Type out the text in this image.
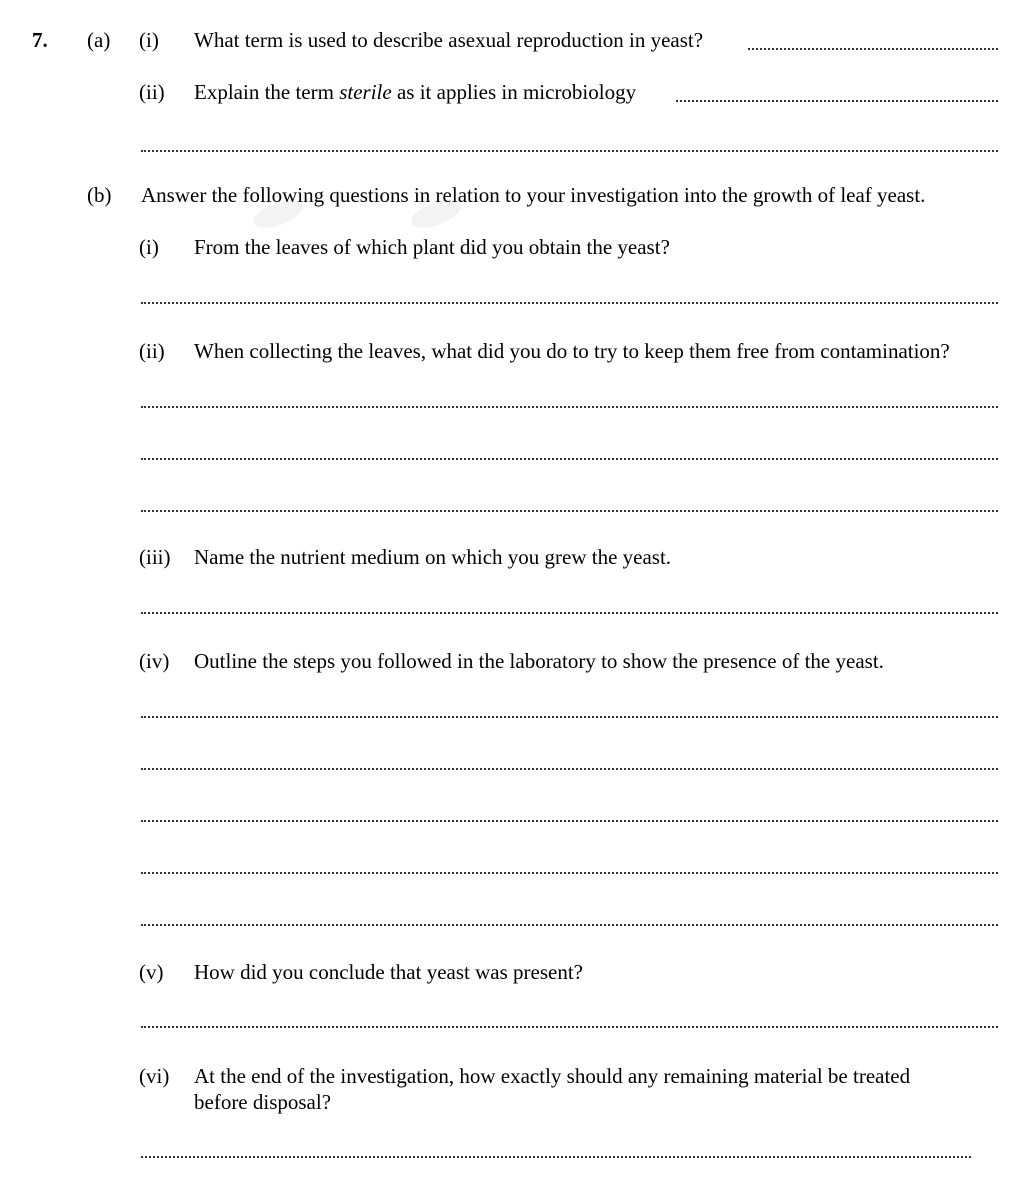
7. (a) (i) What term is used to describe asexual reproduction in yeast?
(ii) Explain the term sterile as it applies in microbiology
(b) Answer the following questions in relation to your investigation into the growth of leaf yeast.
(i) From the leaves of which plant did you obtain the yeast?
(ii) When collecting the leaves, what did you do to try to keep them free from contamination?
(iii) Name the nutrient medium on which you grew the yeast.
(iv) Outline the steps you followed in the laboratory to show the presence of the yeast.
(v) How did you conclude that yeast was present?
(vi) At the end of the investigation, how exactly should any remaining material be treated
before disposal?
